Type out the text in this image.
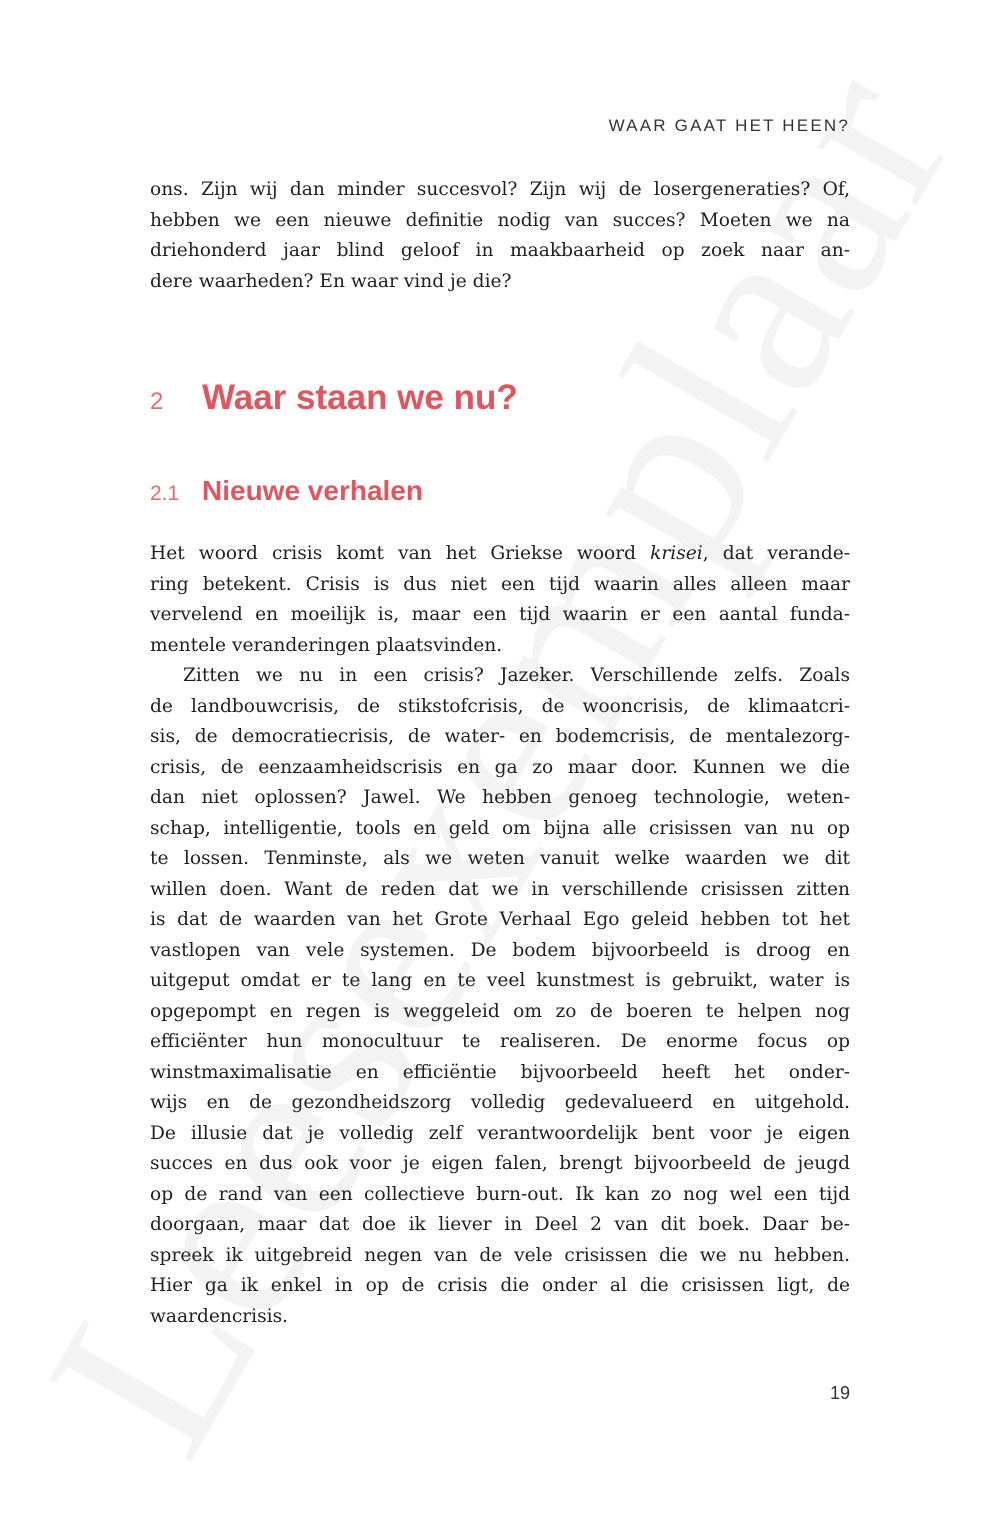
WAAR GAAT HET HEEN?

ons. Zijn wij dan minder succesvol? Zijn wij de losergeneraties? Of,
hebben we een nieuwe definitie nodig van succes? Moeten we na
driehonderd jaar blind geloof in maakbaarheid op zoek naar an-
dere waarheden? En waar vind je die?

2 Waar staan we nu?
2.1 Nieuwe verhalen

Het woord crisis komt van het Griekse woord krisei, dat verande-
ring betekent. Crisis is dus niet een tijd waarin alles alleen maar
vervelend en moeilijk is, maar een tijd waarin er een aantal funda-
mentele veranderingen plaatsvinden.

Zitten we nu in een crisis? Jazeker. Verschillende zelfs. Zoals
de landbouwcrisis, de stikstofcrisis, de wooncrisis, de klimaatcri-
sis, de democratiecrisis, de water- en bodemcrisis, de mentalezorg-
crisis, de eenzaamheidscrisis en ga zo maar door. Kunnen we die
dan niet oplossen? Jawel. We hebben genoeg technologie, weten-
schap, intelligentie, tools en geld om bijna alle crisissen van nu op
te lossen. Tenminste, als we weten vanuit welke waarden we dit
willen doen. Want de reden dat we in verschillende crisissen zitten
is dat de waarden van het Grote Verhaal Ego geleid hebben tot het
vastlopen van vele systemen. De bodem bijvoorbeeld is droog en
uitgeput omdat er te lang en te veel kunstmest is gebruikt, water is
opgepompt en regen is weggeleid om zo de boeren te helpen nog
efficiënter hun monocultuur te realiseren. De enorme focus op
winstmaximalisatie en efficiëntie bijvoorbeeld heeft het onder-
wijs en de gezondheidszorg volledig gedevalueerd en uitgehold.
De illusie dat je volledig zelf verantwoordelijk bent voor je eigen
succes en dus ook voor je eigen falen, brengt bijvoorbeeld de jeugd
op de rand van een collectieve burn-out. Ik kan zo nog wel een tijd
doorgaan, maar dat doe ik liever in Deel 2 van dit boek. Daar be-
spreek ik uitgebreid negen van de vele crisissen die we nu hebben.
Hier ga ik enkel in op de crisis die onder al die crisissen ligt, de
waardencrisis.

19
